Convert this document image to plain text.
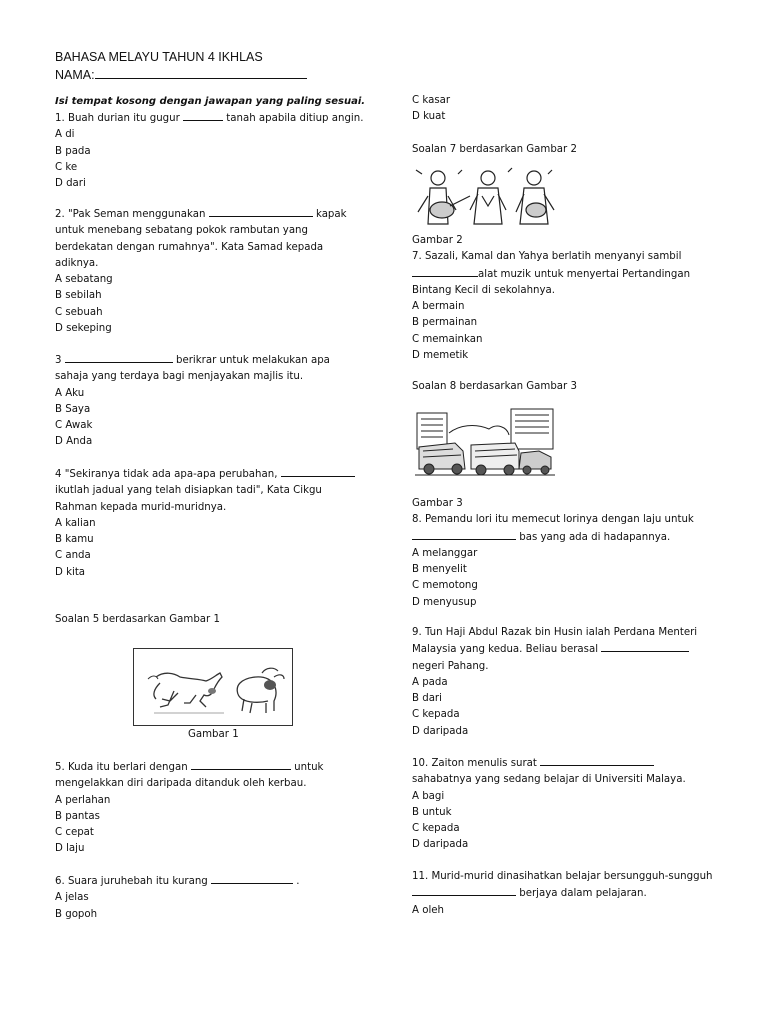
BAHASA MELAYU TAHUN 4 IKHLAS
NAMA:
Isi tempat kosong dengan jawapan yang paling sesuai.
1. Buah durian itu gugur	tanah apabila ditiup angin.
A di
B pada
C ke
D dari
2. "Pak Seman menggunakan	kapak
untuk menebang sebatang pokok rambutan yang
berdekatan dengan rumahnya". Kata Samad kepada
adiknya.
A sebatang
B sebilah
C sebuah
D sekeping
3	berikrar untuk melakukan apa
sahaja yang terdaya bagi menjayakan majlis itu.
A Aku
B Saya
C Awak
D Anda
4 "Sekiranya tidak ada apa-apa perubahan,
ikutlah jadual yang telah disiapkan tadi", Kata Cikgu
Rahman kepada murid-muridnya.
A kalian
B kamu
C anda
D kita
Soalan 5 berdasarkan Gambar 1
Gambar 1
5. Kuda itu berlari dengan	untuk
mengelakkan diri daripada ditanduk oleh kerbau.
A perlahan
B pantas
C cepat
D laju
6. Suara juruhebah itu kurang	.
A jelas
B gopoh
C kasar
D kuat
Soalan 7 berdasarkan Gambar 2
Gambar 2
7. Sazali, Kamal dan Yahya berlatih menyanyi sambil
alat muzik untuk menyertai Pertandingan
Bintang Kecil di sekolahnya.
A bermain
B permainan
C memainkan
D memetik
Soalan 8 berdasarkan Gambar 3
Gambar 3
8. Pemandu lori itu memecut lorinya dengan laju untuk
bas yang ada di hadapannya.
A melanggar
B menyelit
C memotong
D menyusup
9. Tun Haji Abdul Razak bin Husin ialah Perdana Menteri
Malaysia yang kedua. Beliau berasal
negeri Pahang.
A pada
B dari
C kepada
D daripada
10. Zaiton menulis surat
sahabatnya yang sedang belajar di Universiti Malaya.
A bagi
B untuk
C kepada
D daripada
11. Murid-murid dinasihatkan belajar bersungguh-sungguh
berjaya dalam pelajaran.
A oleh
